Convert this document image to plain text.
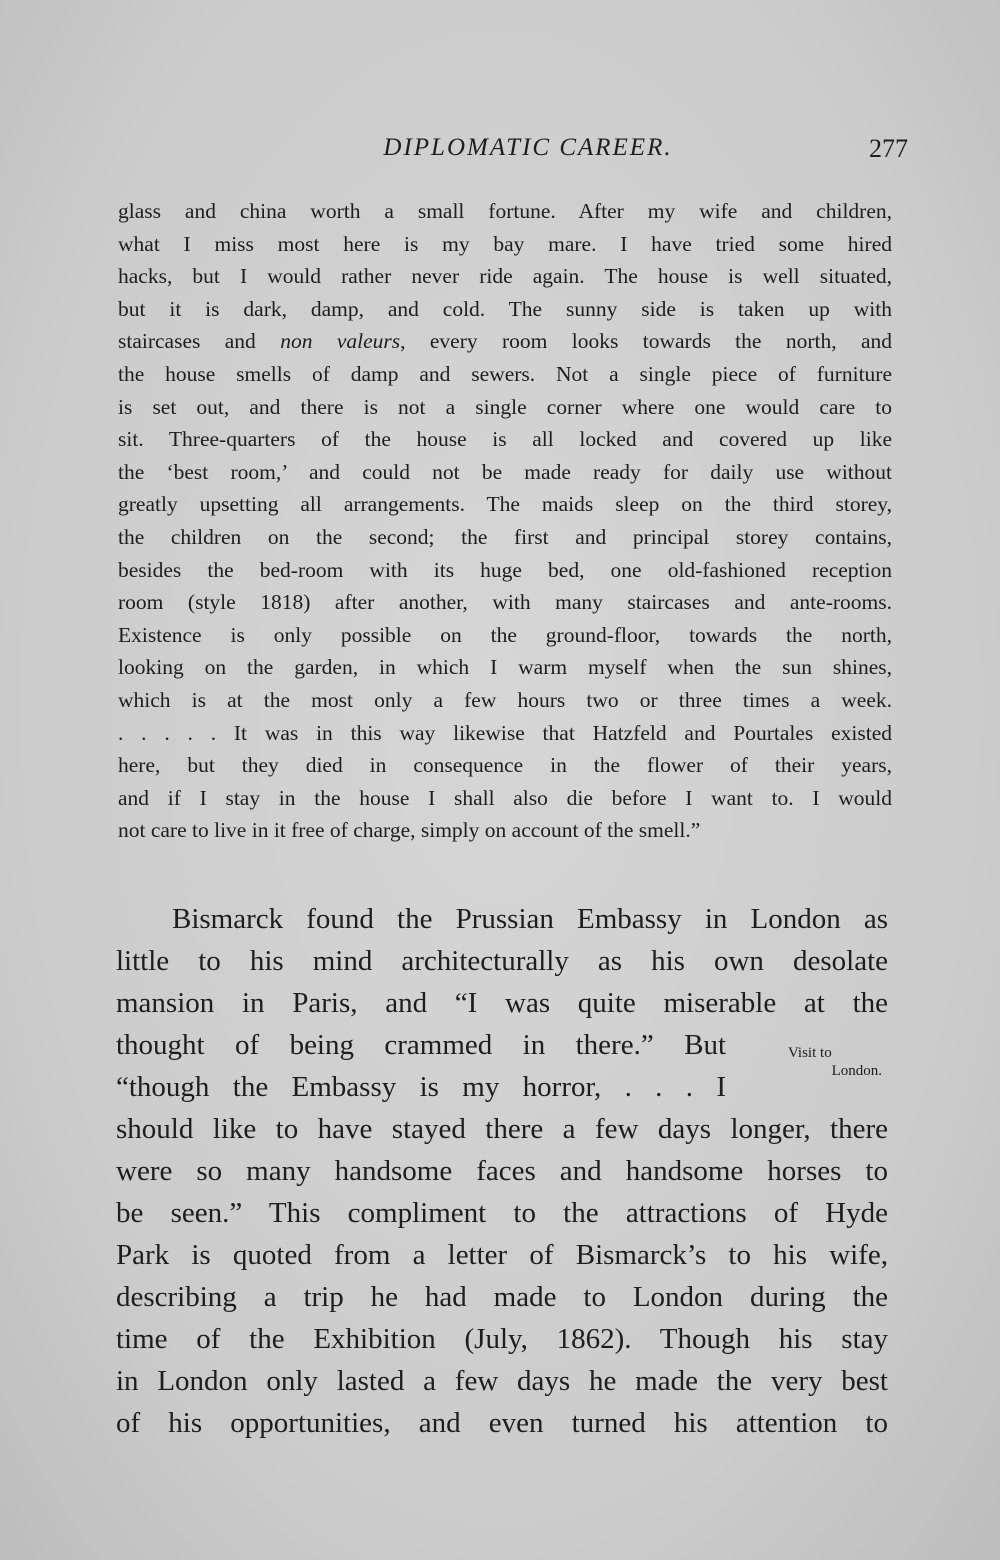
DIPLOMATIC CAREER.	277
glass and china worth a small fortune. After my wife and children,
what I miss most here is my bay mare. I have tried some hired
hacks, but I would rather never ride again. The house is well situated,
but it is dark, damp, and cold. The sunny side is taken up with
staircases and non valeurs, every room looks towards the north, and
the house smells of damp and sewers. Not a single piece of furniture
is set out, and there is not a single corner where one would care to
sit. Three-quarters of the house is all locked and covered up like
the ‘best room,’ and could not be made ready for daily use without
greatly upsetting all arrangements. The maids sleep on the third storey,
the children on the second; the first and principal storey contains,
besides the bed-room with its huge bed, one old-fashioned reception
room (style 1818) after another, with many staircases and ante-rooms.
Existence is only possible on the ground-floor, towards the north,
looking on the garden, in which I warm myself when the sun shines,
which is at the most only a few hours two or three times a week.
. . . . . It was in this way likewise that Hatzfeld and Pourtales existed
here, but they died in consequence in the flower of their years,
and if I stay in the house I shall also die before I want to. I would
not care to live in it free of charge, simply on account of the smell.”
Bismarck found the Prussian Embassy in London as
little to his mind architecturally as his own desolate
mansion in Paris, and “I was quite miserable at the
thought of being crammed in there.” But
“though the Embassy is my horror, . . . I
should like to have stayed there a few days longer, there
were so many handsome faces and handsome horses to
be seen.” This compliment to the attractions of Hyde
Park is quoted from a letter of Bismarck’s to his wife,
describing a trip he had made to London during the
time of the Exhibition (July, 1862). Though his stay
in London only lasted a few days he made the very best
of his opportunities, and even turned his attention to
Visit to
London.
